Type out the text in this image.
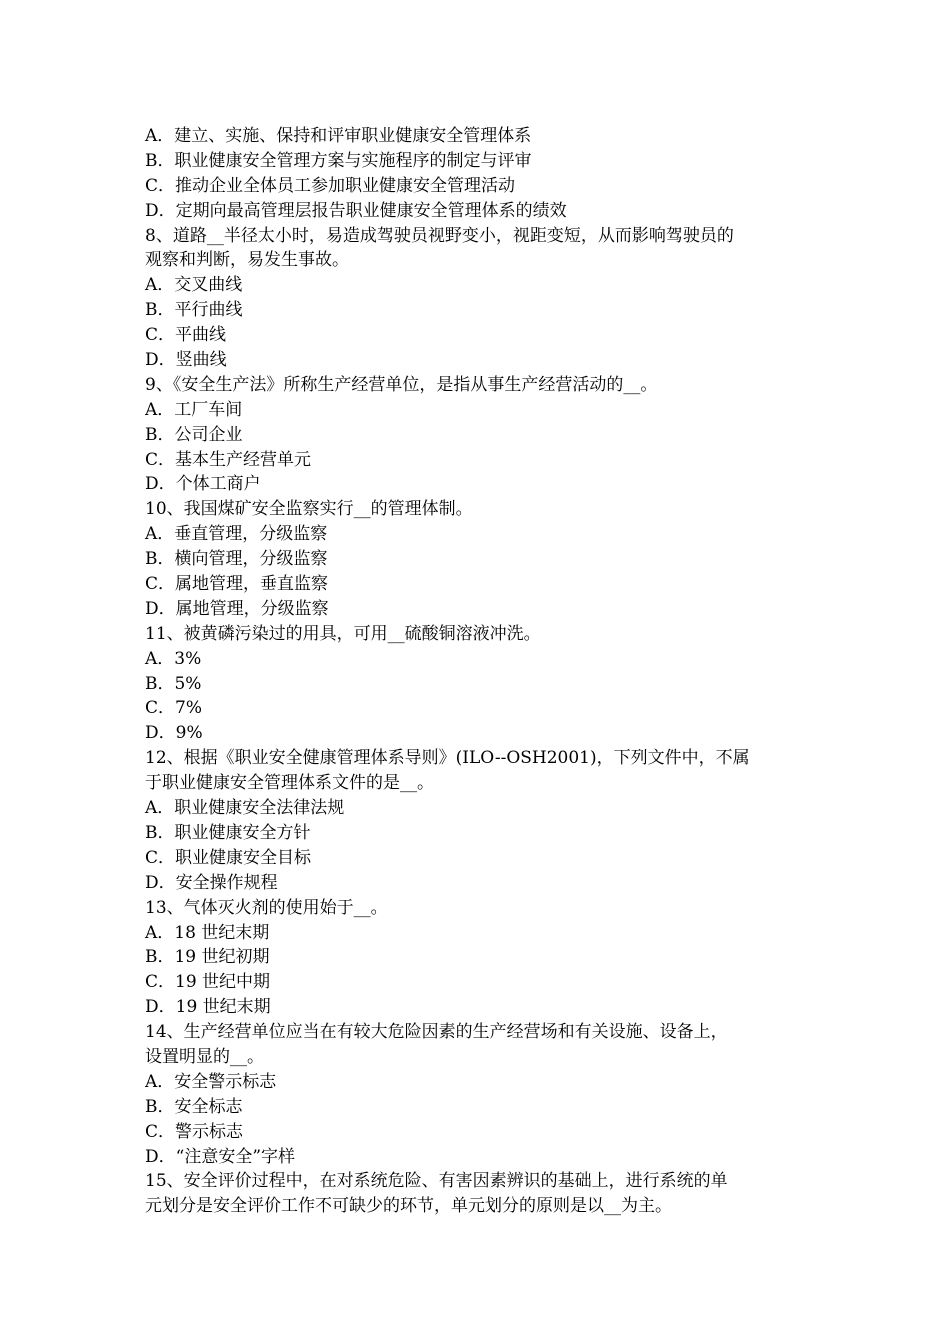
A．建立、实施、保持和评审职业健康安全管理体系

B．职业健康安全管理方案与实施程序的制定与评审

C．推动企业全体员工参加职业健康安全管理活动

D．定期向最高管理层报告职业健康安全管理体系的绩效

8、道路__半径太小时，易造成驾驶员视野变小，视距变短，从而影响驾驶员的

观察和判断，易发生事故。

A．交叉曲线

B．平行曲线

C．平曲线

D．竖曲线

9、《安全生产法》所称生产经营单位，是指从事生产经营活动的__。

A．工厂车间

B．公司企业

C．基本生产经营单元

D．个体工商户

10、我国煤矿安全监察实行__的管理体制。

A．垂直管理，分级监察

B．横向管理，分级监察

C．属地管理，垂直监察

D．属地管理，分级监察

11、被黄磷污染过的用具，可用__硫酸铜溶液冲洗。

A．3%

B．5%

C．7%

D．9%

12、根据《职业安全健康管理体系导则》(ILO--OSH2001)，下列文件中，不属

于职业健康安全管理体系文件的是__。

A．职业健康安全法律法规

B．职业健康安全方针

C．职业健康安全目标

D．安全操作规程

13、气体灭火剂的使用始于__。

A．18 世纪末期

B．19 世纪初期

C．19 世纪中期

D．19 世纪末期

14、生产经营单位应当在有较大危险因素的生产经营场和有关设施、设备上，

设置明显的__。

A．安全警示标志

B．安全标志

C．警示标志

D．“注意安全”字样

15、安全评价过程中，在对系统危险、有害因素辨识的基础上，进行系统的单

元划分是安全评价工作不可缺少的环节，单元划分的原则是以__为主。
